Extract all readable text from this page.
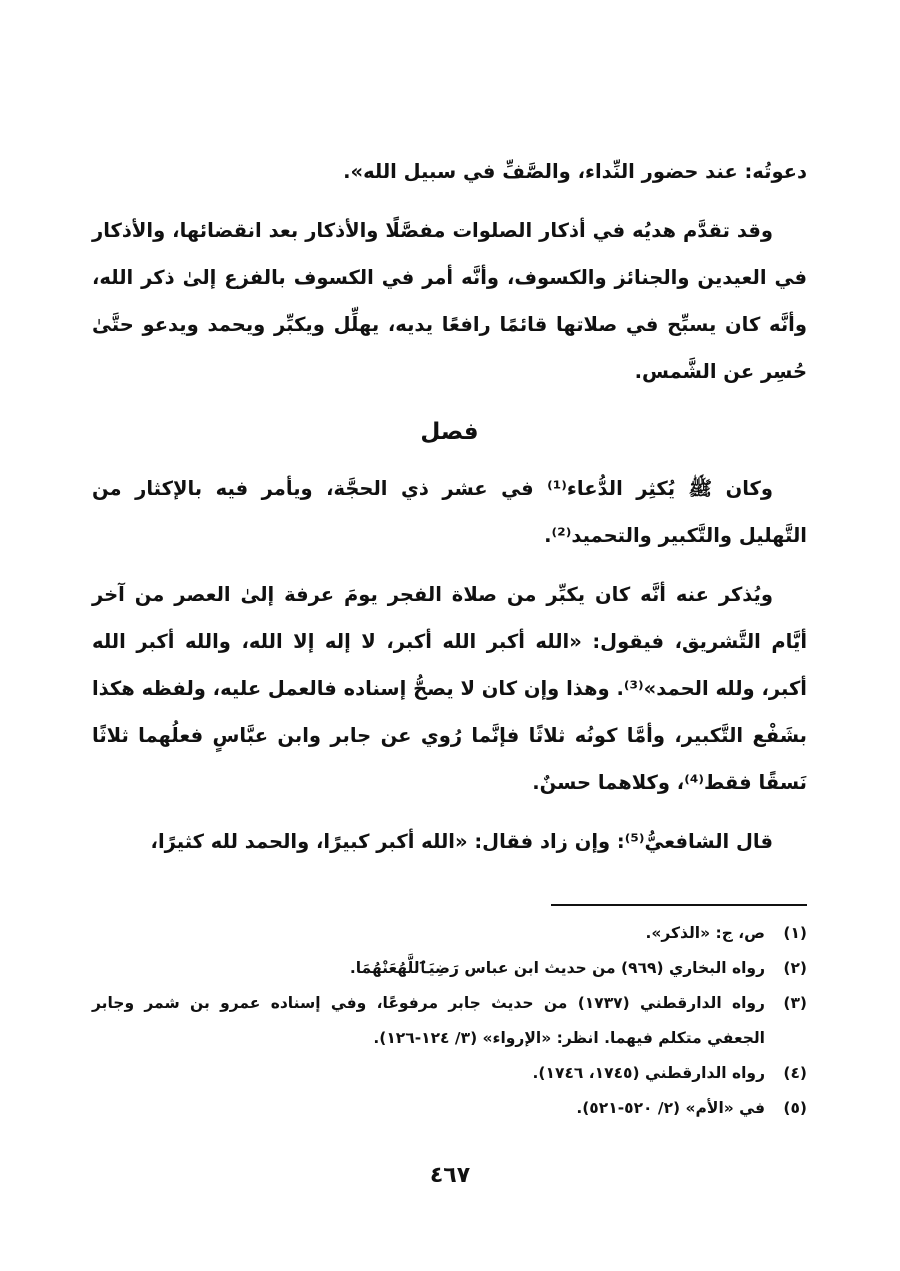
دعوتُه: عند حضور النِّداء، والصَّفِّ في سبيل الله».

وقد تقدَّم هديُه في أذكار الصلوات مفصَّلًا والأذكار بعد انقضائها، والأذكار في العيدين والجنائز والكسوف، وأنَّه أمر في الكسوف بالفزع إلىٰ ذكر الله، وأنَّه كان يسبِّح في صلاتها قائمًا رافعًا يديه، يهلِّل ويكبِّر ويحمد ويدعو حتَّىٰ حُسِر عن الشَّمس.

فصل

وكان ﷺ يُكثِر الدُّعاء⁽¹⁾ في عشر ذي الحجَّة، ويأمر فيه بالإكثار من التَّهليل والتَّكبير والتحميد⁽²⁾.

ويُذكر عنه أنَّه كان يكبِّر من صلاة الفجر يومَ عرفة إلىٰ العصر من آخر أيَّام التَّشريق، فيقول: «الله أكبر الله أكبر، لا إله إلا الله، والله أكبر الله أكبر، ولله الحمد»⁽³⁾. وهذا وإن كان لا يصحُّ إسناده فالعمل عليه، ولفظه هكذا بشَفْع التَّكبير، وأمَّا كونُه ثلاثًا فإنَّما رُوي عن جابر وابن عبَّاسٍ فعلُهما ثلاثًا نَسقًا فقط⁽⁴⁾، وكلاهما حسنٌ.

قال الشافعيُّ⁽⁵⁾: وإن زاد فقال: «الله أكبر كبيرًا، والحمد لله كثيرًا،

(١)
ص، ج: «الذكر».
(٢)
رواه البخاري (٩٦٩) من حديث ابن عباس رَضِيَٱللَّهُعَنْهُمَا.
(٣)
رواه الدارقطني (١٧٣٧) من حديث جابر مرفوعًا، وفي إسناده عمرو بن شمر وجابر الجعفي متكلم فيهما. انظر: «الإرواء» (٣/ ١٢٤-١٢٦).
(٤)
رواه الدارقطني (١٧٤٥، ١٧٤٦).
(٥)
في «الأم» (٢/ ٥٢٠-٥٢١).
٤٦٧
